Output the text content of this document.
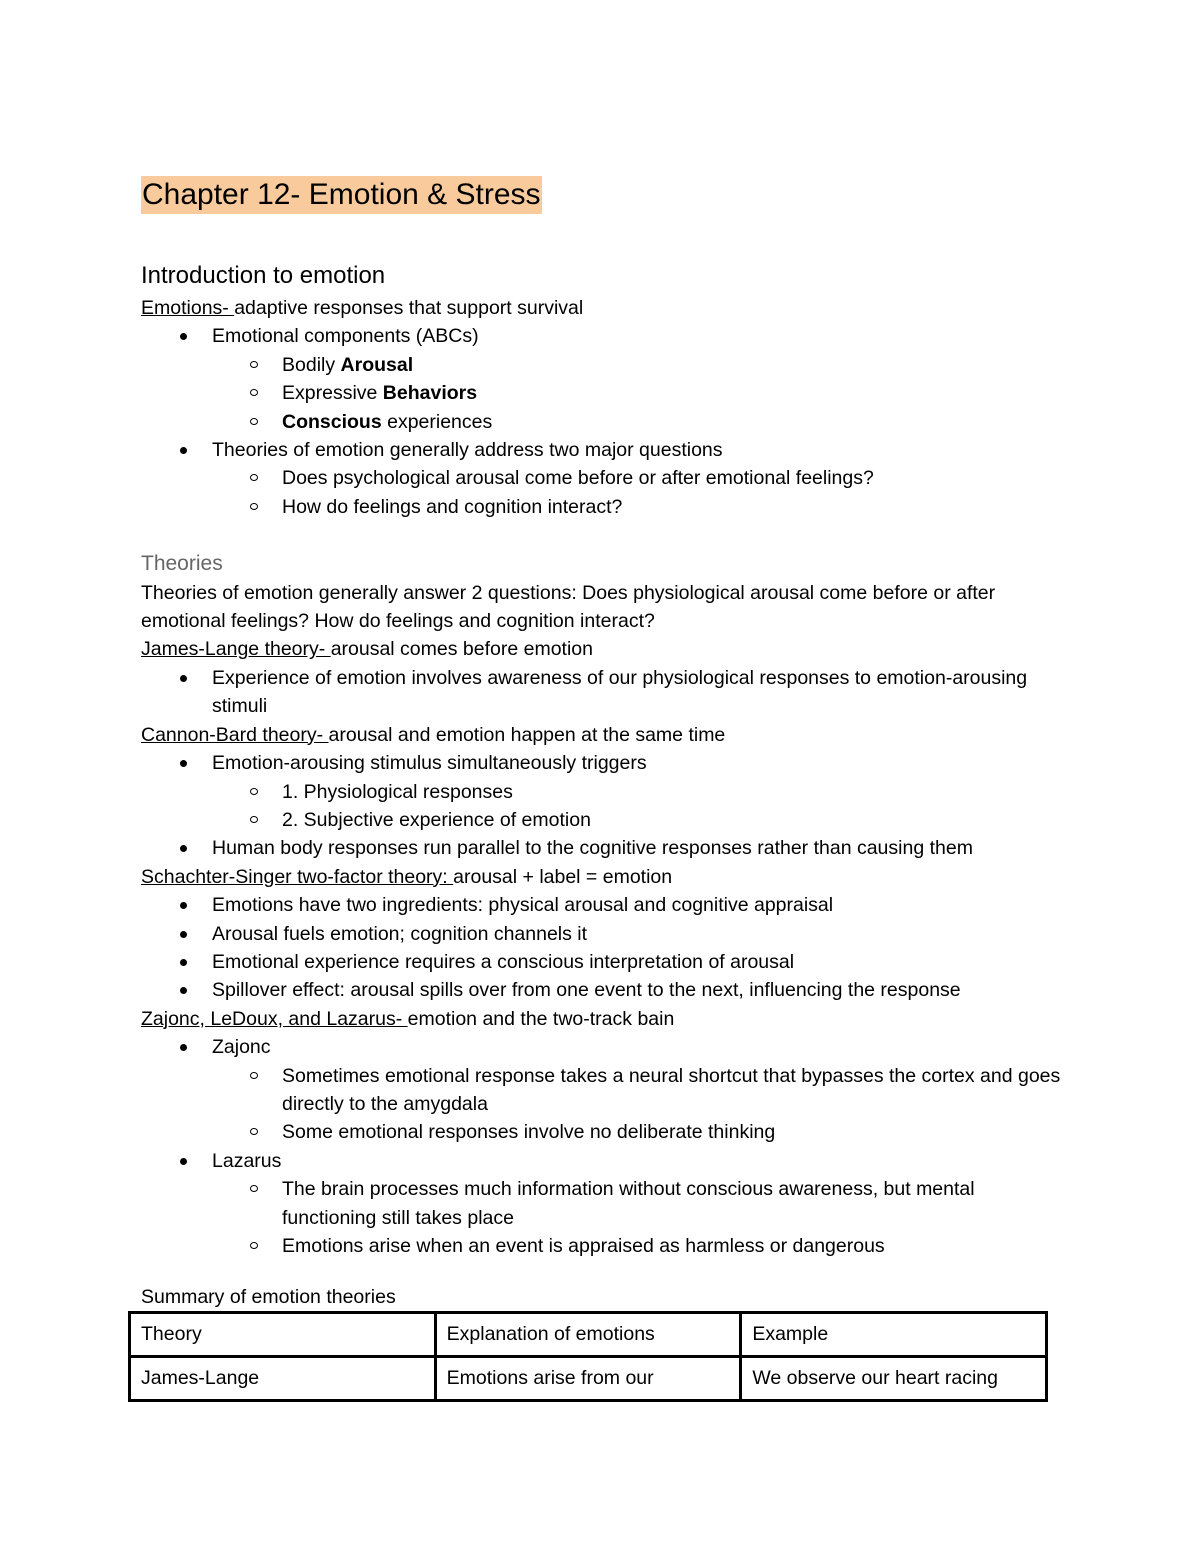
Chapter 12- Emotion & Stress
Introduction to emotion
Emotions- adaptive responses that support survival
Emotional components (ABCs)
Bodily Arousal
Expressive Behaviors
Conscious experiences
Theories of emotion generally address two major questions
Does psychological arousal come before or after emotional feelings?
How do feelings and cognition interact?
Theories
Theories of emotion generally answer 2 questions: Does physiological arousal come before or after emotional feelings? How do feelings and cognition interact?
James-Lange theory- arousal comes before emotion
Experience of emotion involves awareness of our physiological responses to emotion-arousing stimuli
Cannon-Bard theory- arousal and emotion happen at the same time
Emotion-arousing stimulus simultaneously triggers
1. Physiological responses
2. Subjective experience of emotion
Human body responses run parallel to the cognitive responses rather than causing them
Schachter-Singer two-factor theory: arousal + label = emotion
Emotions have two ingredients: physical arousal and cognitive appraisal
Arousal fuels emotion; cognition channels it
Emotional experience requires a conscious interpretation of arousal
Spillover effect: arousal spills over from one event to the next, influencing the response
Zajonc, LeDoux, and Lazarus- emotion and the two-track bain
Zajonc
Sometimes emotional response takes a neural shortcut that bypasses the cortex and goes directly to the amygdala
Some emotional responses involve no deliberate thinking
Lazarus
The brain processes much information without conscious awareness, but mental functioning still takes place
Emotions arise when an event is appraised as harmless or dangerous
Summary of emotion theories
Theory	Explanation of emotions	Example
James-Lange	Emotions arise from our	We observe our heart racing
